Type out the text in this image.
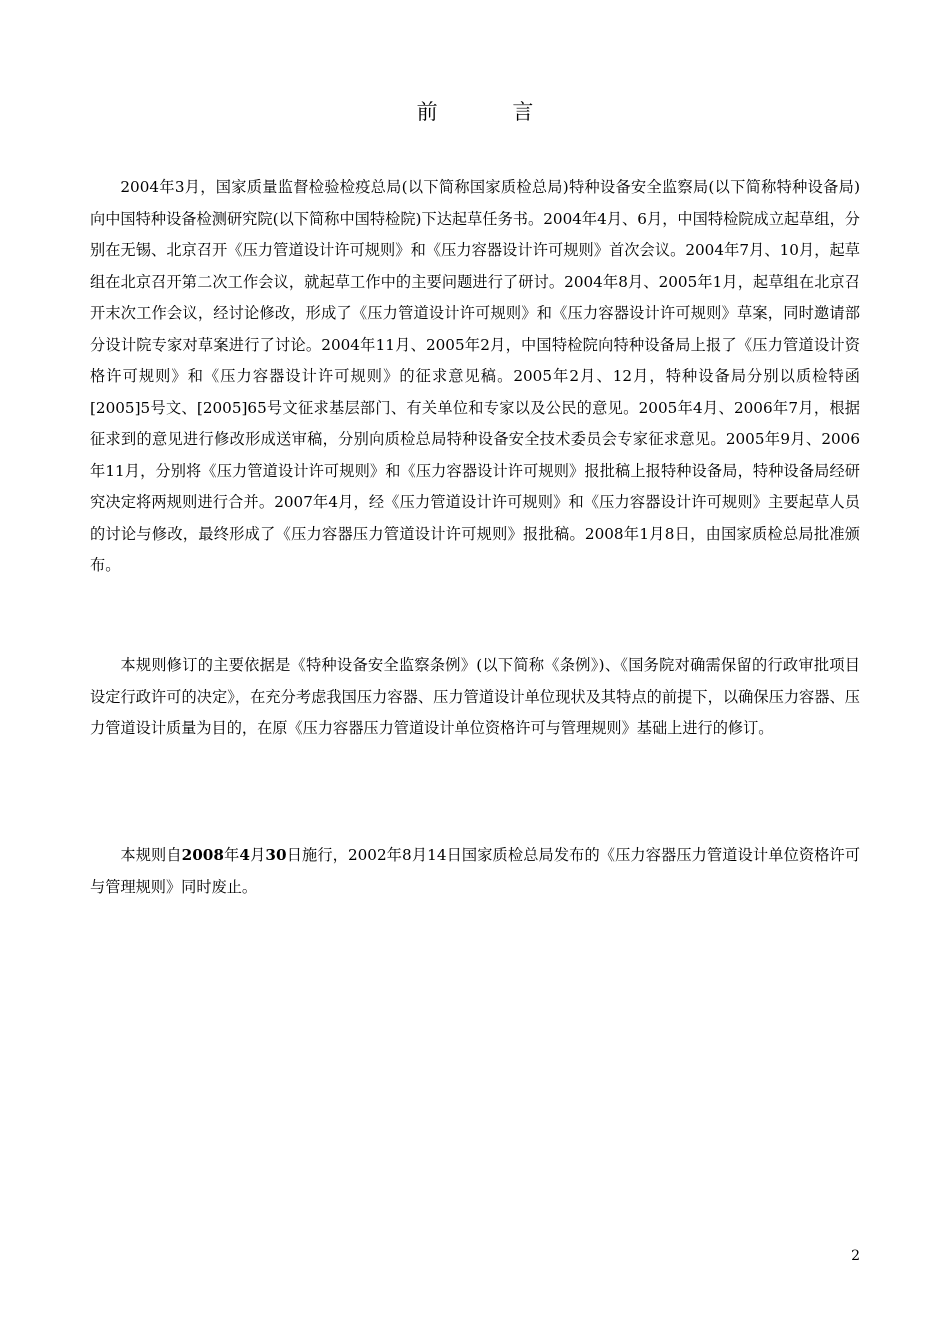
前 言

2004年3月，国家质量监督检验检疫总局(以下简称国家质检总局)特种设备安全监察局(以下简称特种设备局)向中国特种设备检测研究院(以下简称中国特检院)下达起草任务书。2004年4月、6月，中国特检院成立起草组，分别在无锡、北京召开《压力管道设计许可规则》和《压力容器设计许可规则》首次会议。2004年7月、10月，起草组在北京召开第二次工作会议，就起草工作中的主要问题进行了研讨。2004年8月、2005年1月，起草组在北京召开末次工作会议，经讨论修改，形成了《压力管道设计许可规则》和《压力容器设计许可规则》草案，同时邀请部分设计院专家对草案进行了讨论。2004年11月、2005年2月，中国特检院向特种设备局上报了《压力管道设计资格许可规则》和《压力容器设计许可规则》的征求意见稿。2005年2月、12月，特种设备局分别以质检特函[2005]5号文、[2005]65号文征求基层部门、有关单位和专家以及公民的意见。2005年4月、2006年7月，根据征求到的意见进行修改形成送审稿，分别向质检总局特种设备安全技术委员会专家征求意见。2005年9月、2006年11月，分别将《压力管道设计许可规则》和《压力容器设计许可规则》报批稿上报特种设备局，特种设备局经研究决定将两规则进行合并。2007年4月，经《压力管道设计许可规则》和《压力容器设计许可规则》主要起草人员的讨论与修改，最终形成了《压力容器压力管道设计许可规则》报批稿。2008年1月8日，由国家质检总局批准颁布。

本规则修订的主要依据是《特种设备安全监察条例》(以下简称《条例》)、《国务院对确需保留的行政审批项目设定行政许可的决定》，在充分考虑我国压力容器、压力管道设计单位现状及其特点的前提下，以确保压力容器、压力管道设计质量为目的，在原《压力容器压力管道设计单位资格许可与管理规则》基础上进行的修订。

本规则自2008年4月30日施行，2002年8月14日国家质检总局发布的《压力容器压力管道设计单位资格许可与管理规则》同时废止。

2
